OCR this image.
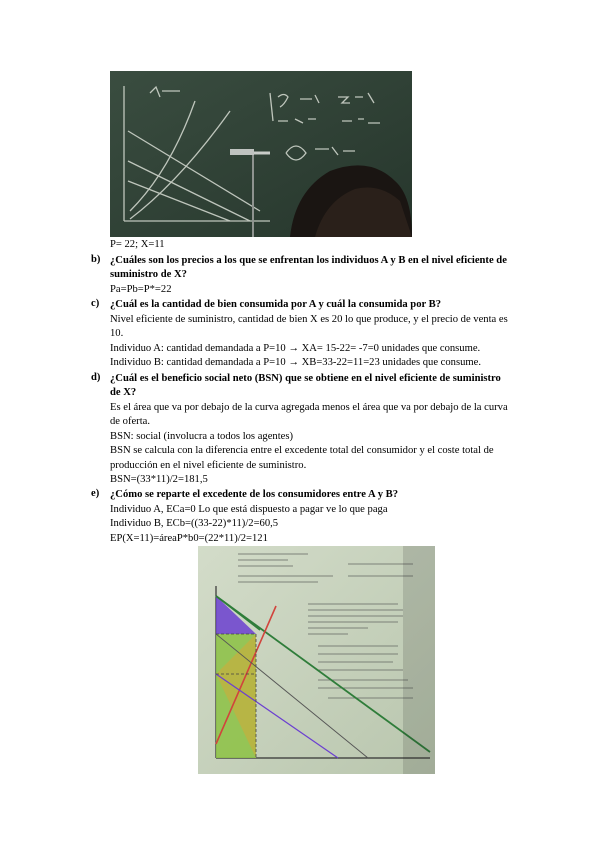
P= 22; X=11
b) ¿Cuáles son los precios a los que se enfrentan los individuos A y B en el nivel eficiente de
suministro de X?
Pa=Pb=P*=22
c) ¿Cuál es la cantidad de bien consumida por A y cuál la consumida por B?
Nivel eficiente de suministro, cantidad de bien X es 20 lo que produce, y el precio de venta es
10.
Individuo A: cantidad demandada a P=10 → XA= 15-22= -7=0 unidades que consume.
Individuo B: cantidad demandada a P=10 → XB=33-22=11=23 unidades que consume.
d) ¿Cuál es el beneficio social neto (BSN) que se obtiene en el nivel eficiente de suministro
de X?
Es el área que va por debajo de la curva agregada menos el área que va por debajo de la curva
de oferta.
BSN: social (involucra a todos los agentes)
BSN se calcula con la diferencia entre el excedente total del consumidor y el coste total de
producción en el nivel eficiente de suministro.
BSN=(33*11)/2=181,5
e) ¿Cómo se reparte el excedente de los consumidores entre A y B?
Individuo A, ECa=0 Lo que está dispuesto a pagar ve lo que paga
Individuo B, ECb=((33-22)*11)/2=60,5
EP(X=11)=áreaP*b0=(22*11)/2=121
